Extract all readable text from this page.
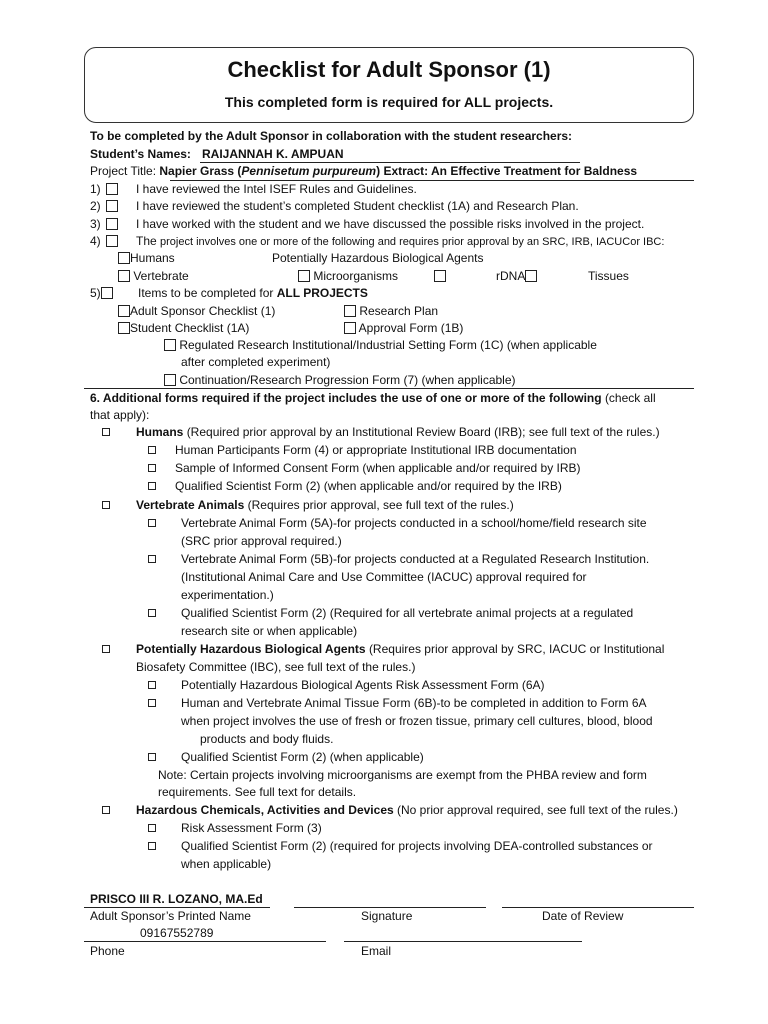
Checklist for Adult Sponsor (1)
This completed form is required for ALL projects.
To be completed by the Adult Sponsor in collaboration with the student researchers:
Student’s Names: RAIJANNAH K. AMPUAN
Project Title: Napier Grass (Pennisetum purpureum) Extract: An Effective Treatment for Baldness
1)	I have reviewed the Intel ISEF Rules and Guidelines.
2)	I have reviewed the student’s completed Student checklist (1A) and Research Plan.
3)	I have worked with the student and we have discussed the possible risks involved in the project.
4)	The project involves one or more of the following and requires prior approval by an SRC, IRB, IACUCor IBC:
Humans	Potentially Hazardous Biological Agents
Vertebrate	Microorganisms	rDNA	Tissues
5)	Items to be completed for ALL PROJECTS
Adult Sponsor Checklist (1)	Research Plan
Student Checklist (1A)	Approval Form (1B)
Regulated Research Institutional/Industrial Setting Form (1C) (when applicable
after completed experiment)
Continuation/Research Progression Form (7) (when applicable)
6. Additional forms required if the project includes the use of one or more of the following (check all
that apply):
Humans (Required prior approval by an Institutional Review Board (IRB); see full text of the rules.)
Human Participants Form (4) or appropriate Institutional IRB documentation
Sample of Informed Consent Form (when applicable and/or required by IRB)
Qualified Scientist Form (2) (when applicable and/or required by the IRB)
Vertebrate Animals (Requires prior approval, see full text of the rules.)
Vertebrate Animal Form (5A)-for projects conducted in a school/home/field research site
(SRC prior approval required.)
Vertebrate Animal Form (5B)-for projects conducted at a Regulated Research Institution.
(Institutional Animal Care and Use Committee (IACUC) approval required for
experimentation.)
Qualified Scientist Form (2) (Required for all vertebrate animal projects at a regulated
research site or when applicable)
Potentially Hazardous Biological Agents (Requires prior approval by SRC, IACUC or Institutional
Biosafety Committee (IBC), see full text of the rules.)
Potentially Hazardous Biological Agents Risk Assessment Form (6A)
Human and Vertebrate Animal Tissue Form (6B)-to be completed in addition to Form 6A
when project involves the use of fresh or frozen tissue, primary cell cultures, blood, blood
products and body fluids.
Qualified Scientist Form (2) (when applicable)
Note: Certain projects involving microorganisms are exempt from the PHBA review and form
requirements. See full text for details.
Hazardous Chemicals, Activities and Devices (No prior approval required, see full text of the rules.)
Risk Assessment Form (3)
Qualified Scientist Form (2) (required for projects involving DEA-controlled substances or
when applicable)
PRISCO III R. LOZANO, MA.Ed
Adult Sponsor’s Printed Name	Signature	Date of Review
09167552789
Phone	Email
